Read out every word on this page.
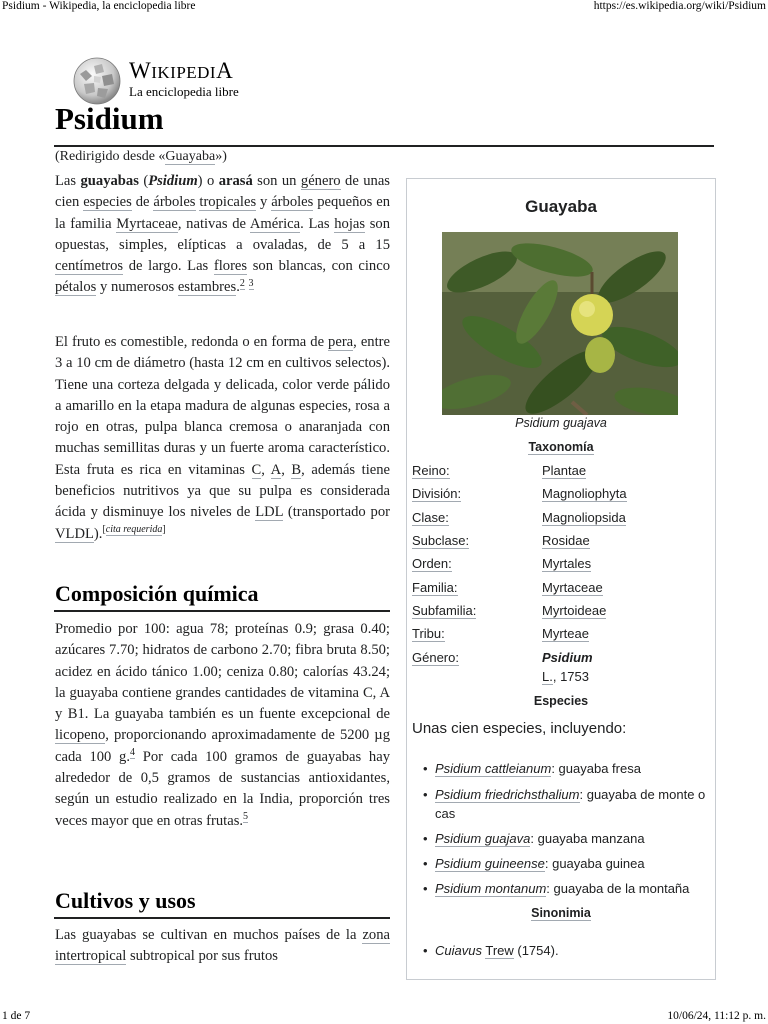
Psidium - Wikipedia, la enciclopedia libre	https://es.wikipedia.org/wiki/Psidium
1 de 7	10/06/24, 11:12 p. m.
WIKIPEDIA
La enciclopedia libre
Psidium
(Redirigido desde «Guayaba»)

Las guayabas (Psidium) o arasá son un género de unas cien especies de árboles tropicales y árboles pequeños en la familia Myrtaceae, nativas de América. Las hojas son opuestas, simples, elípticas a ovaladas, de 5 a 15 centímetros de largo. Las flores son blancas, con cinco pétalos y numerosos estambres.$^2$ $^3$

El fruto es comestible, redonda o en forma de pera, entre 3 a 10 cm de diámetro (hasta 12 cm en cultivos selectos). Tiene una corteza delgada y delicada, color verde pálido a amarillo en la etapa madura de algunas especies, rosa a rojo en otras, pulpa blanca cremosa o anaranjada con muchas semillitas duras y un fuerte aroma característico. Esta fruta es rica en vitaminas C, A, B, además tiene beneficios nutritivos ya que su pulpa es considerada ácida y disminuye los niveles de LDL (transportado por VLDL).[cita requerida]

Composición química

Promedio por 100: agua 78; proteínas 0.9; grasa 0.40; azúcares 7.70; hidratos de carbono 2.70; fibra bruta 8.50; acidez en ácido tánico 1.00; ceniza 0.80; calorías 43.24; la guayaba contiene grandes cantidades de vitamina C, A y B1. La guayaba también es un fuente excepcional de licopeno, proporcionando aproximadamente de 5200 µg cada 100 g.$^4$ Por cada 100 gramos de guayabas hay alrededor de 0,5 gramos de sustancias antioxidantes, según un estudio realizado en la India, proporción tres veces mayor que en otras frutas.$^5$

Cultivos y usos

Las guayabas se cultivan en muchos países de la zona intertropical subtropical por sus frutos

Guayaba
Psidium guajava
Taxonomía
Reino:	Plantae
División:	Magnoliophyta
Clase:	Magnoliopsida
Subclase:	Rosidae
Orden:	Myrtales
Familia:	Myrtaceae
Subfamilia:	Myrtoideae
Tribu:	Myrteae
Género:	Psidium
L., 1753
Especies
Unas cien especies, incluyendo:
• Psidium cattleianum: guayaba fresa
• Psidium friedrichsthalium: guayaba de monte o cas
• Psidium guajava: guayaba manzana
• Psidium guineense: guayaba guinea
• Psidium montanum: guayaba de la montaña
Sinonimia
• Cuiavus Trew (1754).
